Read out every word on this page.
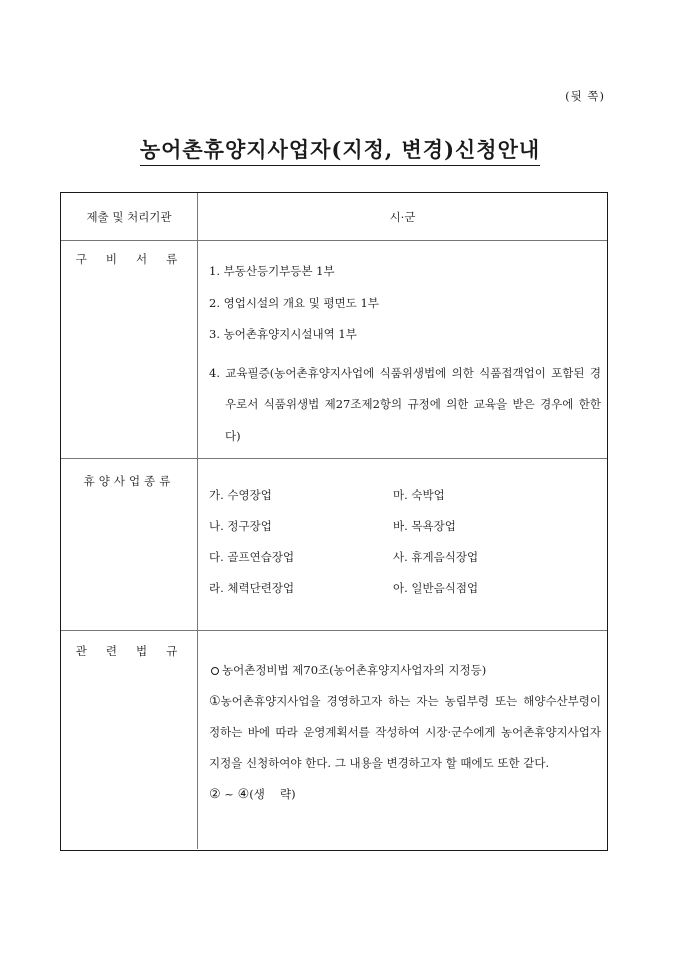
(뒷 쪽)
농어촌휴양지사업자(지정, 변경)신청안내
제출 및 처리기관	시·군
구비서류
1. 부동산등기부등본 1부
2. 영업시설의 개요 및 평면도 1부
3. 농어촌휴양지시설내역 1부
4. 교육필증(농어촌휴양지사업에 식품위생법에 의한 식품접객업이 포함된 경우로서 식품위생법 제27조제2항의 규정에 의한 교육을 받은 경우에 한한다)
휴양사업종류
가. 수영장업	마. 숙박업
나. 정구장업	바. 목욕장업
다. 골프연습장업	사. 휴게음식장업
라. 체력단련장업	아. 일반음식점업
관련법규
농어촌정비법 제70조(농어촌휴양지사업자의 지정등)
①농어촌휴양지사업을 경영하고자 하는 자는 농림부령 또는 해양수산부령이 정하는 바에 따라 운영계획서를 작성하여 시장·군수에게 농어촌휴양지사업자 지정을 신청하여야 한다. 그 내용을 변경하고자 할 때에도 또한 같다.
② ~ ④(생　 략)
